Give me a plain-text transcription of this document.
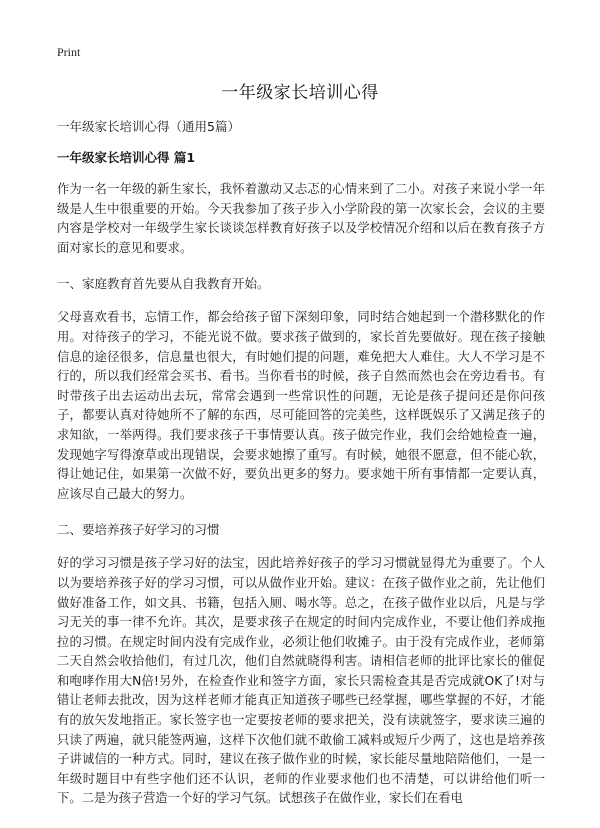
Print
一年级家长培训心得

一年级家长培训心得（通用5篇）

一年级家长培训心得 篇1

作为一名一年级的新生家长，我怀着激动又忐忑的心情来到了二小。对孩子来说小学一年级是人生中很重要的开始。今天我参加了孩子步入小学阶段的第一次家长会，会议的主要内容是学校对一年级学生家长谈谈怎样教育好孩子以及学校情况介绍和以后在教育孩子方面对家长的意见和要求。

一、家庭教育首先要从自我教育开始。

父母喜欢看书，忘情工作，都会给孩子留下深刻印象，同时结合她起到一个潜移默化的作用。对待孩子的学习，不能光说不做。要求孩子做到的，家长首先要做好。现在孩子接触信息的途径很多，信息量也很大，有时她们提的问题，难免把大人难住。大人不学习是不行的，所以我们经常会买书、看书。当你看书的时候，孩子自然而然也会在旁边看书。有时带孩子出去运动出去玩，常常会遇到一些常识性的问题，无论是孩子提问还是你问孩子，都要认真对待她所不了解的东西，尽可能回答的完美些，这样既娱乐了又满足孩子的求知欲，一举两得。我们要求孩子干事情要认真。孩子做完作业，我们会给她检查一遍，发现她字写得潦草或出现错误，会要求她擦了重写。有时候，她很不愿意，但不能心软，得让她记住，如果第一次做不好，要负出更多的努力。要求她干所有事情都一定要认真，应该尽自己最大的努力。

二、要培养孩子好学习的习惯

好的学习习惯是孩子学习好的法宝，因此培养好孩子的学习习惯就显得尤为重要了。个人以为要培养孩子好的学习习惯，可以从做作业开始。建议：在孩子做作业之前，先让他们做好准备工作，如文具、书籍，包括入厕、喝水等。总之，在孩子做作业以后，凡是与学习无关的事一律不允许。其次，是要求孩子在规定的时间内完成作业，不要让他们养成拖拉的习惯。在规定时间内没有完成作业，必须让他们收摊子。由于没有完成作业，老师第二天自然会收拾他们，有过几次，他们自然就晓得利害。请相信老师的批评比家长的催促和咆哮作用大N倍!另外，在检查作业和签字方面，家长只需检查其是否完成就OK了!对与错让老师去批改，因为这样老师才能真正知道孩子哪些已经掌握，哪些掌握的不好，才能有的放矢发地指正。家长签字也一定要按老师的要求把关，没有读就签字，要求读三遍的只读了两遍，就只能签两遍，这样下次他们就不敢偷工减料或短斤少两了，这也是培养孩子讲诚信的一种方式。同时，建议在孩子做作业的时候，家长能尽量地陪陪他们，一是一年级时题目中有些字他们还不认识，老师的作业要求他们也不清楚，可以讲给他们听一下。二是为孩子营造一个好的学习气氛。试想孩子在做作业，家长们在看电
